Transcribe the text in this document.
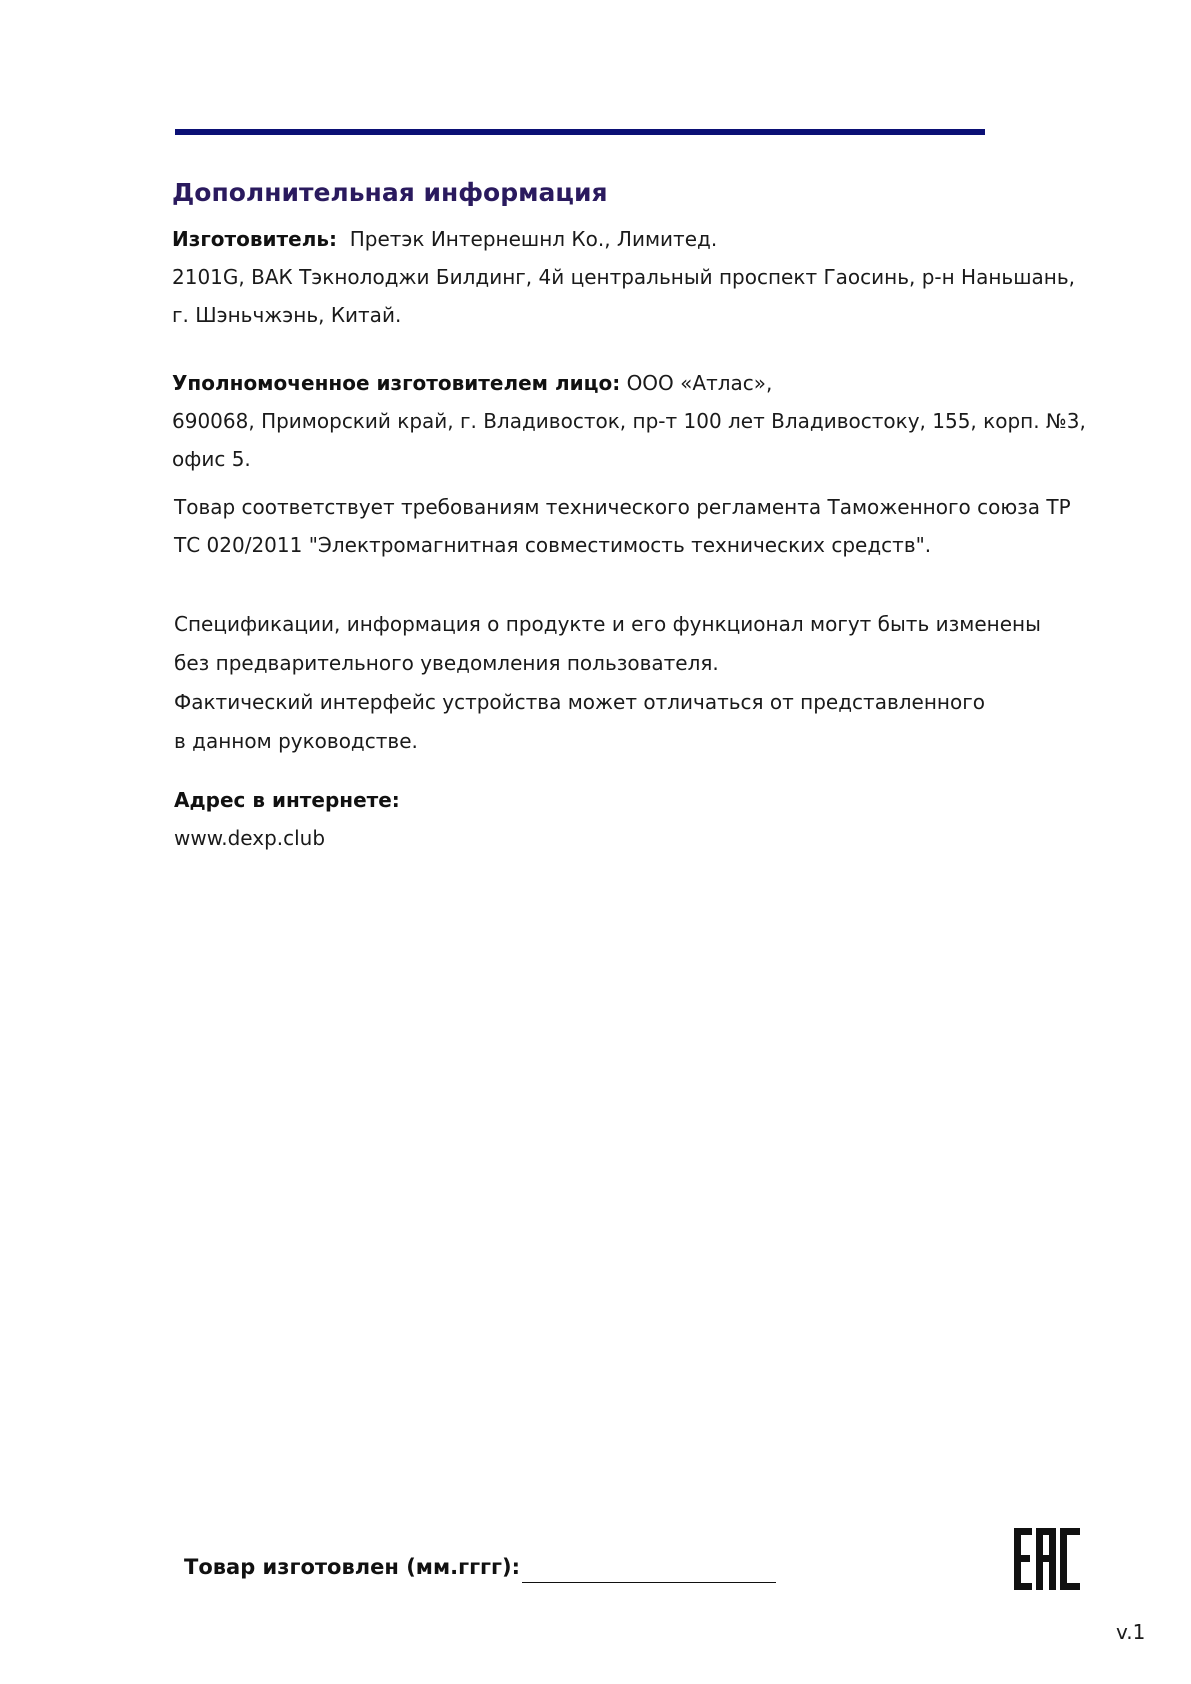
Дополнительная информация
Изготовитель: Претэк Интернешнл Ко., Лимитед.
2101G, ВАК Тэкнолоджи Билдинг, 4й центральный проспект Гаосинь, р-н Наньшань,
г. Шэньчжэнь, Китай.
Уполномоченное изготовителем лицо: ООО «Атлас»,
690068, Приморский край, г. Владивосток, пр-т 100 лет Владивостоку, 155, корп. №3,
офис 5.
Товар соответствует требованиям технического регламента Таможенного союза ТР
ТС 020/2011 "Электромагнитная совместимость технических средств".
Спецификации, информация о продукте и его функционал могут быть изменены
без предварительного уведомления пользователя.
Фактический интерфейс устройства может отличаться от представленного
в данном руководстве.
Адрес в интернете:
www.dexp.club
Товар изготовлен (мм.гггг):
v.1
